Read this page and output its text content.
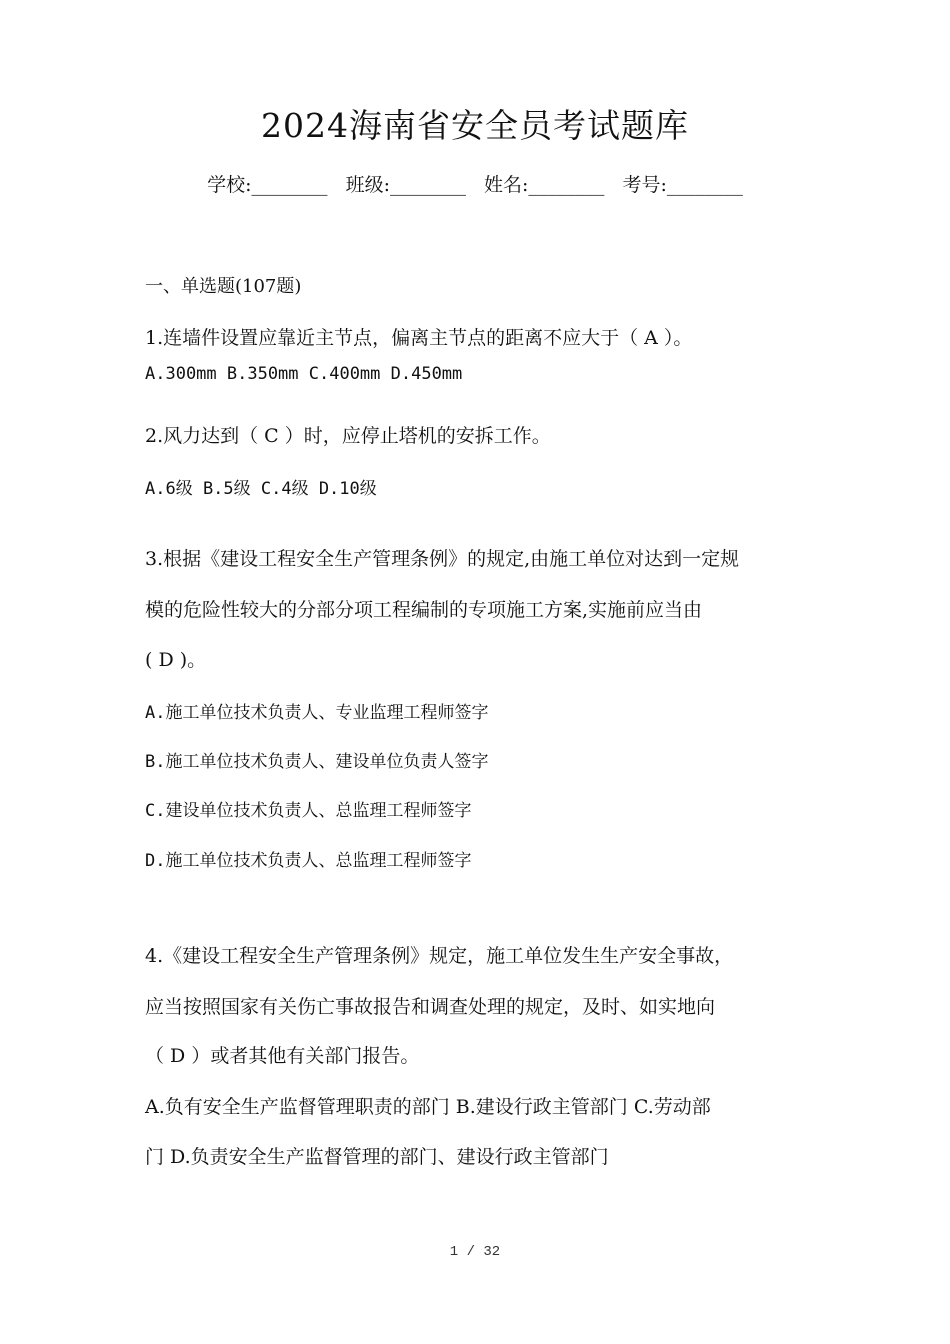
2024海南省安全员考试题库
学校:________ 班级:________ 姓名:________ 考号:________
一、单选题(107题)
1.连墙件设置应靠近主节点，偏离主节点的距离不应大于（ A ）。
A.300mm B.350mm C.400mm D.450mm
2.风力达到（ C ）时，应停止塔机的安拆工作。
A.6级 B.5级 C.4级 D.10级
3.根据《建设工程安全生产管理条例》的规定,由施工单位对达到一定规
模的危险性较大的分部分项工程编制的专项施工方案,实施前应当由
( D )。
A.施工单位技术负责人、专业监理工程师签字
B.施工单位技术负责人、建设单位负责人签字
C.建设单位技术负责人、总监理工程师签字
D.施工单位技术负责人、总监理工程师签字
4.《建设工程安全生产管理条例》规定，施工单位发生生产安全事故，
应当按照国家有关伤亡事故报告和调查处理的规定，及时、如实地向
（ D ）或者其他有关部门报告。
A.负有安全生产监督管理职责的部门 B.建设行政主管部门 C.劳动部
门 D.负责安全生产监督管理的部门、建设行政主管部门
1 / 32
